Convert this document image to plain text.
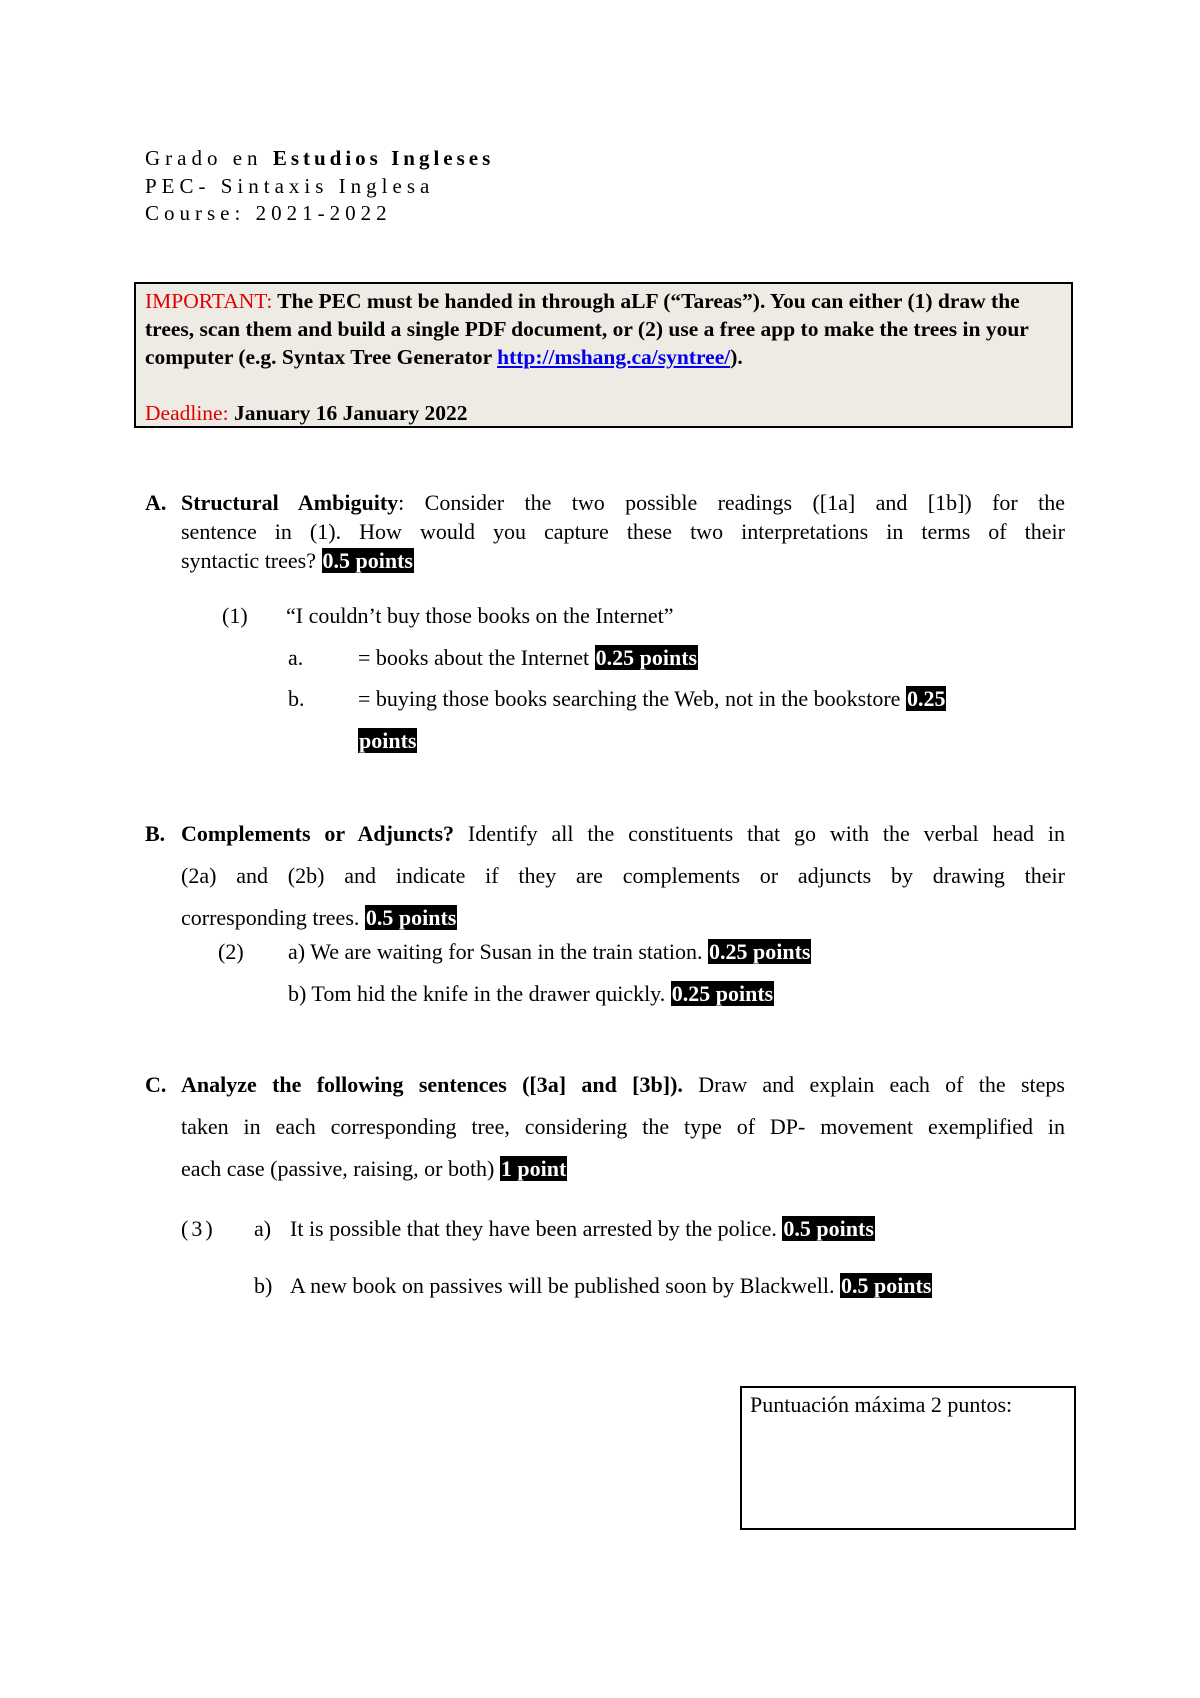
Grado en Estudios Ingleses
PEC- Sintaxis Inglesa
Course: 2021-2022
IMPORTANT: The PEC must be handed in through aLF (“Tareas”). You can either (1) draw the trees, scan them and build a single PDF document, or (2) use a free app to make the trees in your computer (e.g. Syntax Tree Generator http://mshang.ca/syntree/).
Deadline: January 16 January 2022
A. Structural Ambiguity: Consider the two possible readings ([1a] and [1b]) for the
sentence in (1). How would you capture these two interpretations in terms of their
syntactic trees? 0.5 points
(1) “I couldn’t buy those books on the Internet”
a. = books about the Internet 0.25 points
b. = buying those books searching the Web, not in the bookstore 0.25
points
B. Complements or Adjuncts? Identify all the constituents that go with the verbal head in
(2a) and (2b) and indicate if they are complements or adjuncts by drawing their
corresponding trees. 0.5 points
(2) a) We are waiting for Susan in the train station. 0.25 points
b) Tom hid the knife in the drawer quickly. 0.25 points
C. Analyze the following sentences ([3a] and [3b]). Draw and explain each of the steps
taken in each corresponding tree, considering the type of DP- movement exemplified in
each case (passive, raising, or both) 1 point
(3) a) It is possible that they have been arrested by the police. 0.5 points
b) A new book on passives will be published soon by Blackwell. 0.5 points
Puntuación máxima 2 puntos:
